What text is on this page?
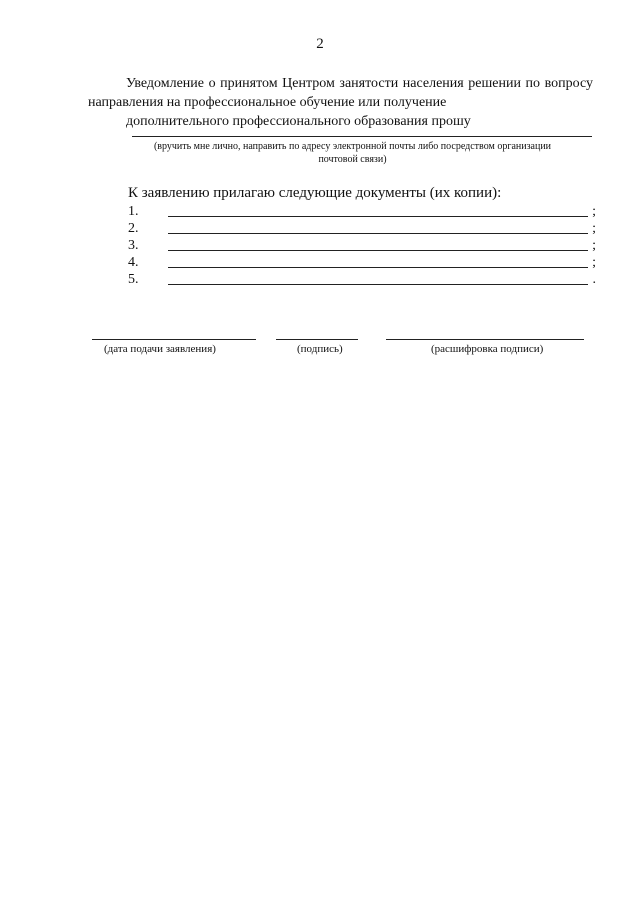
2
Уведомление о принятом Центром занятости населения решении по вопросу направления на профессиональное обучение или получение
дополнительного профессионального образования прошу
(вручить мне лично, направить по адресу электронной почты либо посредством организации
почтовой связи)
К заявлению прилагаю следующие документы (их копии):
1.	;
2.	;
3.	;
4.	;
5.	.
(дата подачи заявления)	(подпись)	(расшифровка подписи)
